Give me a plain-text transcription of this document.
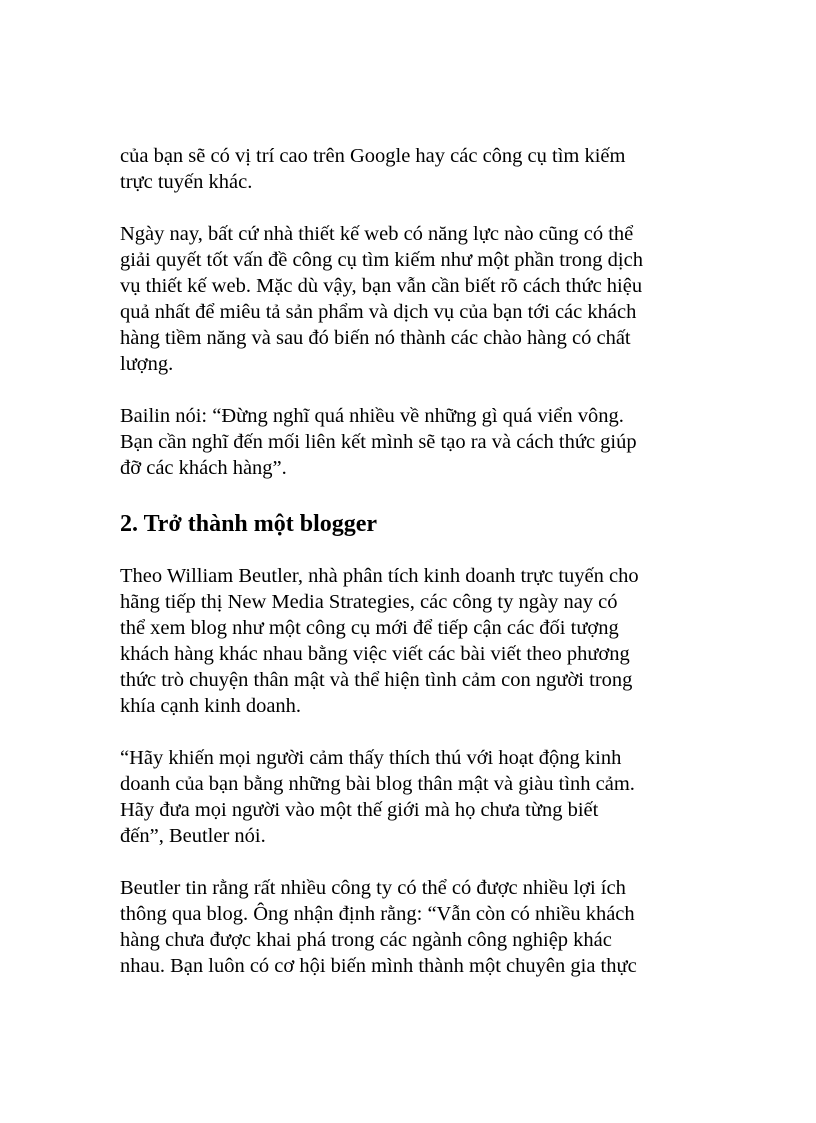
của bạn sẽ có vị trí cao trên Google hay các công cụ tìm kiếm
trực tuyến khác.

Ngày nay, bất cứ nhà thiết kế web có năng lực nào cũng có thể
giải quyết tốt vấn đề công cụ tìm kiếm như một phần trong dịch
vụ thiết kế web. Mặc dù vậy, bạn vẫn cần biết rõ cách thức hiệu
quả nhất để miêu tả sản phẩm và dịch vụ của bạn tới các khách
hàng tiềm năng và sau đó biến nó thành các chào hàng có chất
lượng.

Bailin nói: “Đừng nghĩ quá nhiều về những gì quá viển vông.
Bạn cần nghĩ đến mối liên kết mình sẽ tạo ra và cách thức giúp
đỡ các khách hàng”.

2. Trở thành một blogger

Theo William Beutler, nhà phân tích kinh doanh trực tuyến cho
hãng tiếp thị New Media Strategies, các công ty ngày nay có
thể xem blog như một công cụ mới để tiếp cận các đối tượng
khách hàng khác nhau bằng việc viết các bài viết theo phương
thức trò chuyện thân mật và thể hiện tình cảm con người trong
khía cạnh kinh doanh.

“Hãy khiến mọi người cảm thấy thích thú với hoạt động kinh
doanh của bạn bằng những bài blog thân mật và giàu tình cảm.
Hãy đưa mọi người vào một thế giới mà họ chưa từng biết
đến”, Beutler nói.

Beutler tin rằng rất nhiều công ty có thể có được nhiều lợi ích
thông qua blog. Ông nhận định rằng: “Vẫn còn có nhiều khách
hàng chưa được khai phá trong các ngành công nghiệp khác
nhau. Bạn luôn có cơ hội biến mình thành một chuyên gia thực
